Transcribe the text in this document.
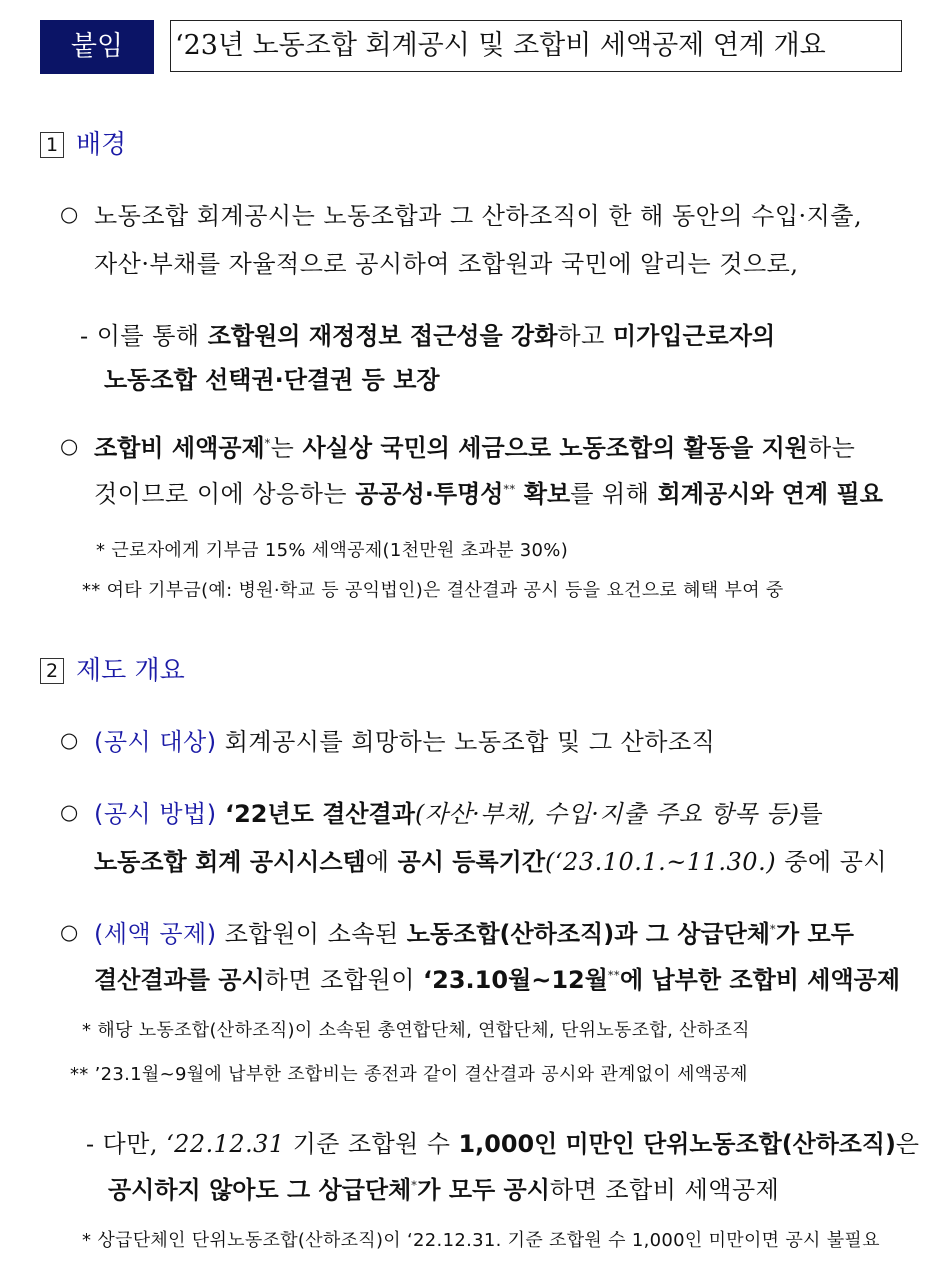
붙임	‘23년 노동조합 회계공시 및 조합비 세액공제 연계 개요
1 배경
○ 노동조합 회계공시는 노동조합과 그 산하조직이 한 해 동안의 수입·지출,
자산·부채를 자율적으로 공시하여 조합원과 국민에 알리는 것으로,
- 이를 통해 조합원의 재정정보 접근성을 강화하고 미가입근로자의
노동조합 선택권·단결권 등 보장
○ 조합비 세액공제*는 사실상 국민의 세금으로 노동조합의 활동을 지원하는
것이므로 이에 상응하는 공공성·투명성** 확보를 위해 회계공시와 연계 필요
* 근로자에게 기부금 15% 세액공제(1천만원 초과분 30%)
** 여타 기부금(예: 병원·학교 등 공익법인)은 결산결과 공시 등을 요건으로 혜택 부여 중
2 제도 개요
○ (공시 대상) 회계공시를 희망하는 노동조합 및 그 산하조직
○ (공시 방법) ‘22년도 결산결과(자산·부채, 수입·지출 주요 항목 등)를
노동조합 회계 공시시스템에 공시 등록기간(‘23.10.1.~11.30.) 중에 공시
○ (세액 공제) 조합원이 소속된 노동조합(산하조직)과 그 상급단체*가 모두
결산결과를 공시하면 조합원이 ‘23.10월~12월**에 납부한 조합비 세액공제
* 해당 노동조합(산하조직)이 소속된 총연합단체, 연합단체, 단위노동조합, 산하조직
** ’23.1월~9월에 납부한 조합비는 종전과 같이 결산결과 공시와 관계없이 세액공제
- 다만, ‘22.12.31 기준 조합원 수 1,000인 미만인 단위노동조합(산하조직)은
공시하지 않아도 그 상급단체*가 모두 공시하면 조합비 세액공제
* 상급단체인 단위노동조합(산하조직)이 ‘22.12.31. 기준 조합원 수 1,000인 미만이면 공시 불필요
